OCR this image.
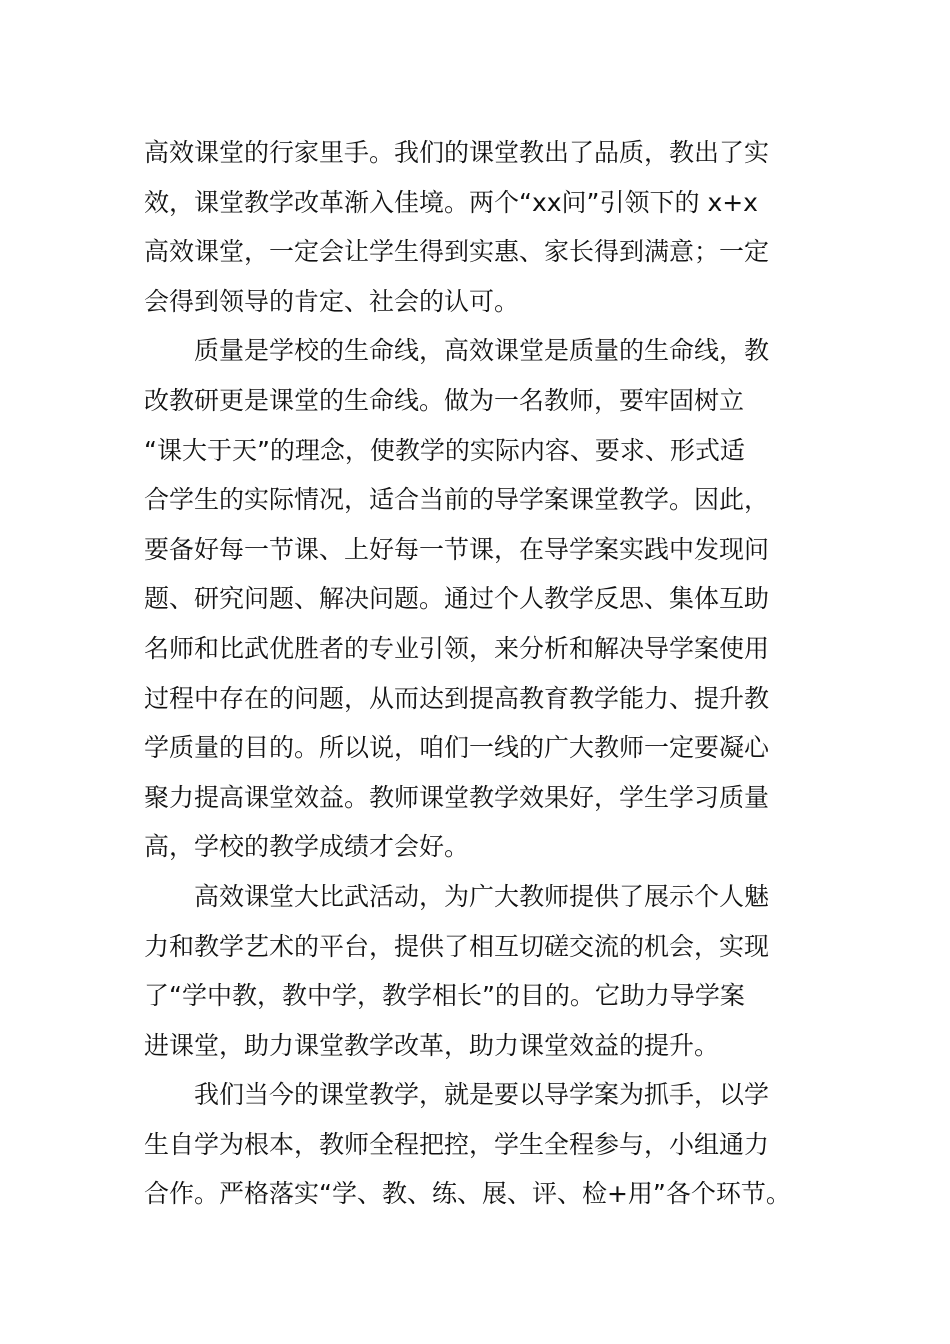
高效课堂的行家里手。我们的课堂教出了品质，教出了实
效，课堂教学改革渐入佳境。两个“xx问”引领下的 x+x
高效课堂，一定会让学生得到实惠、家长得到满意；一定
会得到领导的肯定、社会的认可。
质量是学校的生命线，高效课堂是质量的生命线，教
改教研更是课堂的生命线。做为一名教师，要牢固树立
“课大于天”的理念，使教学的实际内容、要求、形式适
合学生的实际情况，适合当前的导学案课堂教学。因此，
要备好每一节课、上好每一节课，在导学案实践中发现问
题、研究问题、解决问题。通过个人教学反思、集体互助
名师和比武优胜者的专业引领，来分析和解决导学案使用
过程中存在的问题，从而达到提高教育教学能力、提升教
学质量的目的。所以说，咱们一线的广大教师一定要凝心
聚力提高课堂效益。教师课堂教学效果好，学生学习质量
高，学校的教学成绩才会好。
高效课堂大比武活动，为广大教师提供了展示个人魅
力和教学艺术的平台，提供了相互切磋交流的机会，实现
了“学中教，教中学，教学相长”的目的。它助力导学案
进课堂，助力课堂教学改革，助力课堂效益的提升。
我们当今的课堂教学，就是要以导学案为抓手，以学
生自学为根本，教师全程把控，学生全程参与，小组通力
合作。严格落实“学、教、练、展、评、检+用”各个环节。
